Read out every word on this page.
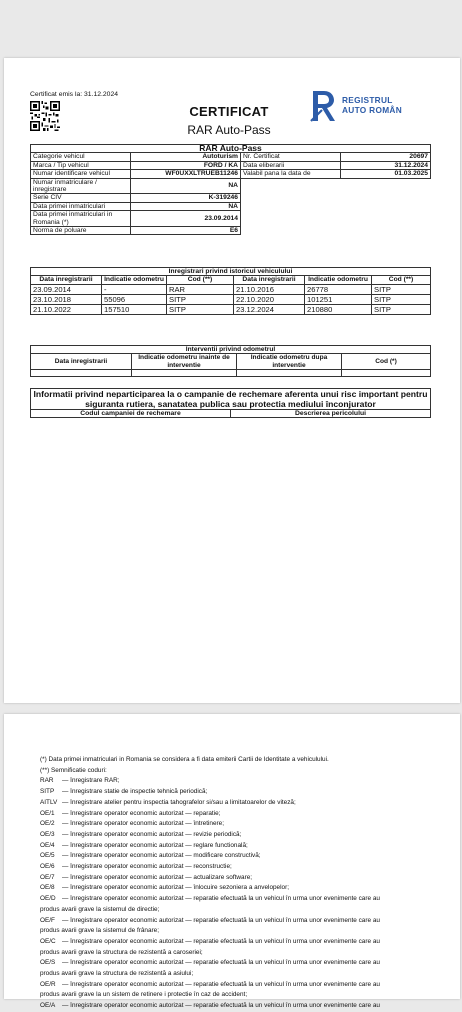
Certificat emis la: 31.12.2024
CERTIFICAT
RAR Auto-Pass
REGISTRUL
AUTO ROMÂN
RAR Auto-Pass			
Categorie vehicul	Autoturism	Nr. Certificat	20697
Marca / Tip vehicul	FORD / KA	Data eliberarii	31.12.2024
Numar identificare vehicul	WF0UXXLTRUEB11246	Valabil pana la data de	01.03.2025
Numar inmatriculare / inregistrare	NA		
Serie CIV	K-319246		
Data primei inmatriculari	NA		
Data primei inmatriculari in Romania (*)	23.09.2014		
Norma de poluare	E6		
Inregistrari privind istoricul vehiculului					
Data inregistrarii	Indicatie odometru	Cod (**)	Data inregistrarii	Indicatie odometru	Cod (**)
23.09.2014	-	RAR	21.10.2016	26778	SITP
23.10.2018	55096	SITP	22.10.2020	101251	SITP
21.10.2022	157510	SITP	23.12.2024	210880	SITP
Interventii privind odometrul			
Data inregistrarii	Indicatie odometru inainte de interventie	Indicatie odometru dupa interventie	Cod (*)

Informatii privind neparticiparea la o campanie de rechemare aferenta unui risc important pentru siguranta rutiera, sanatatea publica sau protectia mediului înconjurator
Codul campaniei de rechemare	Descrierea pericolului
(*) Data primei inmatriculari in Romania se considera a fi data emiterii Cartii de Identitate a vehiculului.
(**) Semnificatie coduri:
RAR	— înregistrare RAR;
SITP	— înregistrare statie de inspectie tehnică periodică;
AITLV — înregistrare atelier pentru inspectia tahografelor si/sau a limitatoarelor de viteză;
OE/1	— înregistrare operator economic autorizat — reparatie;
OE/2	— înregistrare operator economic autorizat — întretinere;
OE/3	— înregistrare operator economic autorizat — revizie periodică;
OE/4	— înregistrare operator economic autorizat — reglare functională;
OE/5	— înregistrare operator economic autorizat — modificare constructivă;
OE/6	— înregistrare operator economic autorizat — reconstructie;
OE/7	— înregistrare operator economic autorizat — actualizare software;
OE/8	— înregistrare operator economic autorizat — înlocuire sezoniera a anvelopelor;
OE/D — înregistrare operator economic autorizat — reparatie efectuată la un vehicul în urma unor evenimente care au
produs avarii grave la sistemul de directie;
OE/F	— înregistrare operator economic autorizat — reparatie efectuată la un vehicul în urma unor evenimente care au
produs avarii grave la sistemul de frânare;
OE/C — înregistrare operator economic autorizat — reparatie efectuată la un vehicul în urma unor evenimente care au
produs avarii grave la structura de rezistentă a caroseriei;
OE/S	— înregistrare operator economic autorizat — reparatie efectuată la un vehicul în urma unor evenimente care au
produs avarii grave la structura de rezistentă a asiului;
OE/R — înregistrare operator economic autorizat — reparatie efectuată la un vehicul în urma unor evenimente care au
produs avarii grave la un sistem de retinere i protectie în caz de accident;
OE/A	— înregistrare operator economic autorizat — reparatie efectuată la un vehicul în urma unor evenimente care au
